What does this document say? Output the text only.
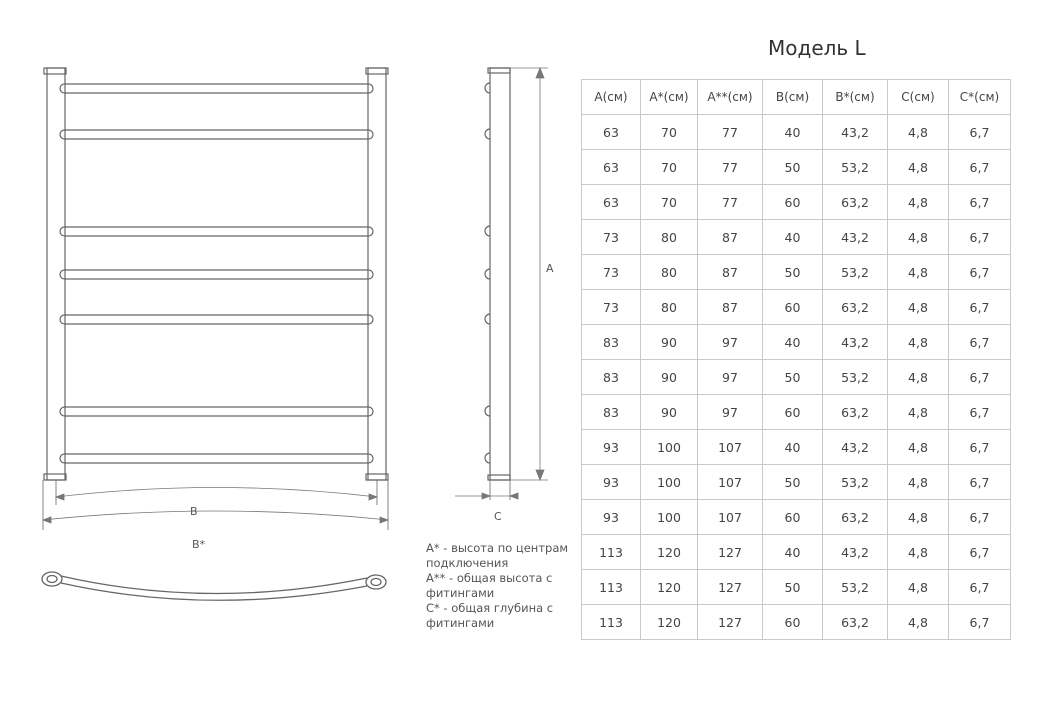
B
B*
A
C
A* - высота по центрам подключения
A** - общая высота с фитингами
C* - общая глубина с фитингами
Модель L
A(см)	A*(см)	A**(см)	B(см)	B*(см)	C(см)	C*(см)
63	70	77	40	43,2	4,8	6,7
63	70	77	50	53,2	4,8	6,7
63	70	77	60	63,2	4,8	6,7
73	80	87	40	43,2	4,8	6,7
73	80	87	50	53,2	4,8	6,7
73	80	87	60	63,2	4,8	6,7
83	90	97	40	43,2	4,8	6,7
83	90	97	50	53,2	4,8	6,7
83	90	97	60	63,2	4,8	6,7
93	100	107	40	43,2	4,8	6,7
93	100	107	50	53,2	4,8	6,7
93	100	107	60	63,2	4,8	6,7
113	120	127	40	43,2	4,8	6,7
113	120	127	50	53,2	4,8	6,7
113	120	127	60	63,2	4,8	6,7
